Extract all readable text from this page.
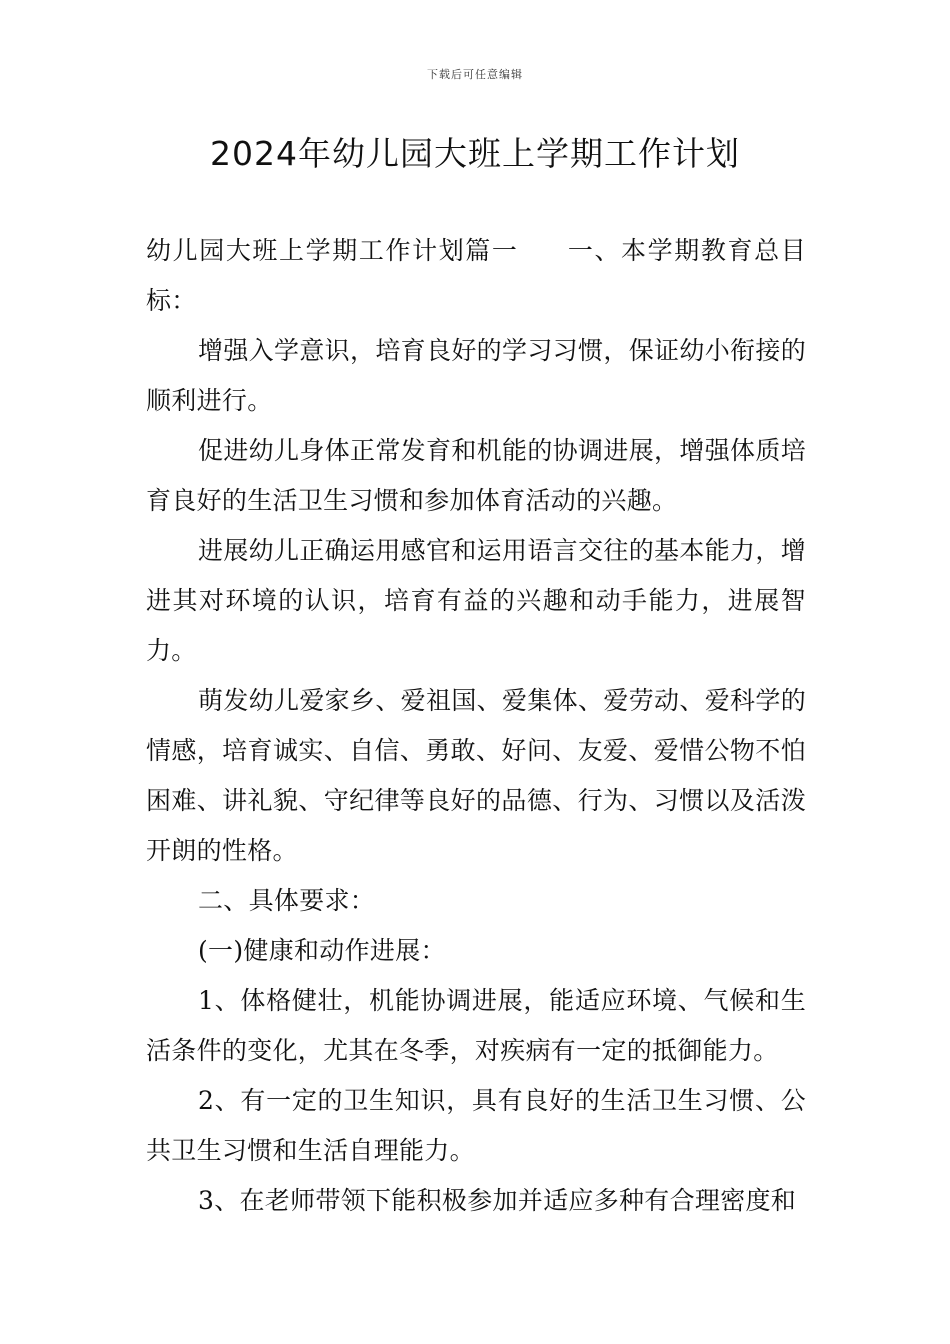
下载后可任意编辑
2024年幼儿园大班上学期工作计划

幼儿园大班上学期工作计划篇一 一、本学期教育总目标：

增强入学意识，培育良好的学习习惯，保证幼小衔接的顺利进行。

促进幼儿身体正常发育和机能的协调进展，增强体质培育良好的生活卫生习惯和参加体育活动的兴趣。

进展幼儿正确运用感官和运用语言交往的基本能力，增进其对环境的认识，培育有益的兴趣和动手能力，进展智力。

萌发幼儿爱家乡、爱祖国、爱集体、爱劳动、爱科学的情感，培育诚实、自信、勇敢、好问、友爱、爱惜公物不怕困难、讲礼貌、守纪律等良好的品德、行为、习惯以及活泼开朗的性格。

二、具体要求：

(一)健康和动作进展：

1、体格健壮，机能协调进展，能适应环境、气候和生活条件的变化，尤其在冬季，对疾病有一定的抵御能力。

2、有一定的卫生知识，具有良好的生活卫生习惯、公共卫生习惯和生活自理能力。

3、在老师带领下能积极参加并适应多种有合理密度和
